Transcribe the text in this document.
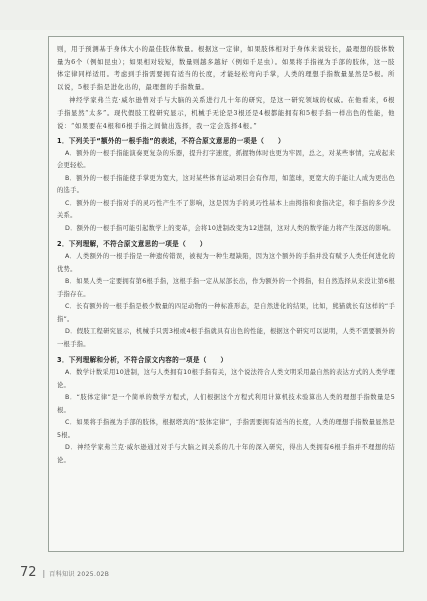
则，用于预测基于身体大小的最佳肢体数量。根据这一定律，如果肢体相对于身体来说较长，最理想的肢体数量为6个（例如昆虫）；如果相对较短，数量则越多越好（例如千足虫）。如果将手指视为手部的肢体，这一肢体定律同样适用。考虑到手指需要拥有适当的长度，才能轻松弯向手掌，人类的理想手指数量显然是5根。所以说，5根手指是进化出的，最理想的手指数量。

神经学家弗兰克·威尔逊曾对手与大脑的关系进行几十年的研究，是这一研究领域的权威。在他看来，6根手指显然“太多”。现代假肢工程研究显示，机械手无论是3根还是4根都能拥有和5根手指一样出色的性能，他说：“如果要在4根和6根手指之间做出选择，我一定会选择4根。”

1．下列关于“额外的一根手指”的表述，不符合原文意思的一项是（　　）

A．额外的一根手指能演奏更复杂的乐器，提升打字速度，抓握物体时也更为牢固，总之，对某些事情，完成起来会更轻松。

B．额外的一根手指能使手掌更为宽大，这对某些体育运动项目会有作用，如篮球，更宽大的手能让人成为更出色的选手。

C．额外的一根手指对手的灵巧性产生不了影响，这是因为手的灵巧性基本上由拇指和食指决定，和手指的多少没关系。

D．额外的一根手指可能引起数学上的变革，会将10进制改变为12进制，这对人类的数学能力将产生深远的影响。

2．下列理解，不符合原文意思的一项是（　　）

A．人类额外的一根手指是一种遗传错误，被视为一种生理缺陷，因为这个额外的手指并没有赋予人类任何进化的优势。

B．如果人类一定要拥有第6根手指，这根手指一定从尿部长出，作为额外的一个拇指，但自然选择从来没让第6根手指存在。

C．长有额外的一根手指是极少数量的四足动物的一种标准形态，是自然进化的结果，比如，熊猫就长有这样的“手指”。

D．假肢工程研究显示，机械手只需3根或4根手指就具有出色的性能，根据这个研究可以说明，人类不需要额外的一根手指。

3．下列理解和分析，不符合原文内容的一项是（　　）

A．数学计数采用10进制，这与人类拥有10根手指有关，这个说法符合人类文明采用最自然的表达方式的人类学理论。

B．“肢体定律”是一个简单的数学方程式，人们根据这个方程式利用计算机技术验算出人类的理想手指数量是5根。

C．如果将手指视为手部的肢体，根据塔宾的“肢体定律”，手指需要拥有适当的长度，人类的理想手指数量显然是5根。

D．神经学家弗兰克·威尔逊通过对手与大脑之间关系的几十年的深入研究，得出人类拥有6根手指并不理想的结论。

72 | 百科知识 2025.02B
